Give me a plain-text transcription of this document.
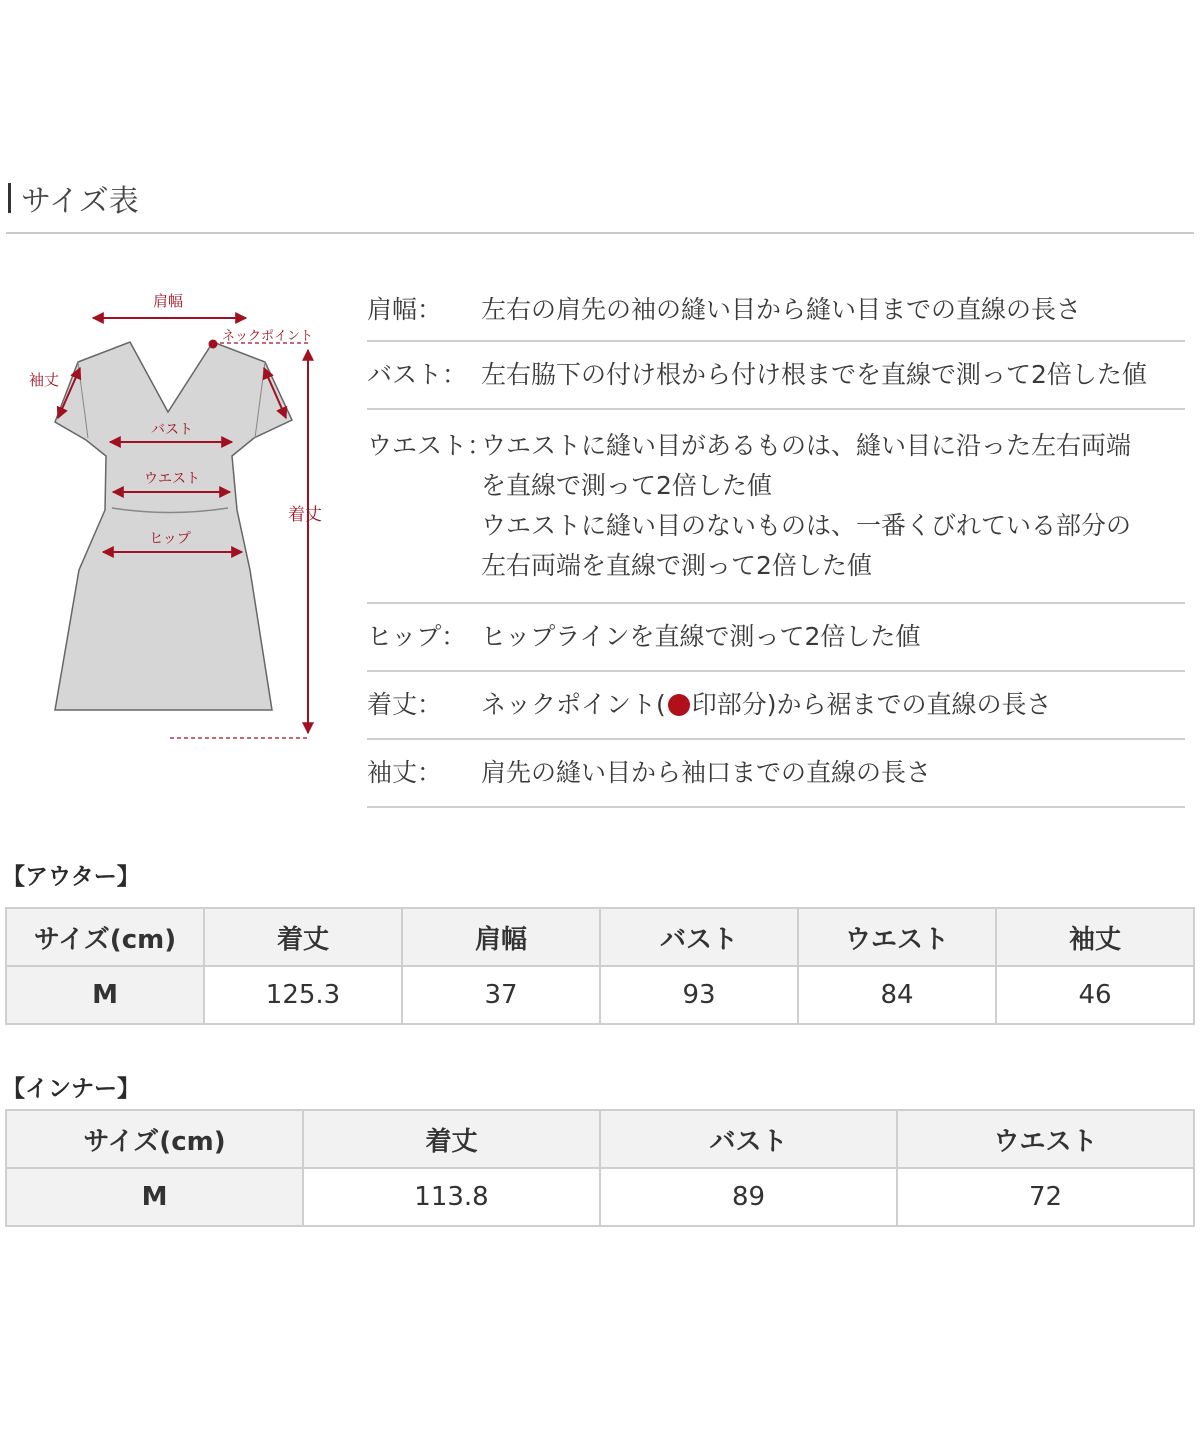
サイズ表
肩幅
ネックポイント
袖丈
バスト
ウエスト
ヒップ
着丈
肩幅：	左右の肩先の袖の縫い目から縫い目までの直線の長さ
バスト： 左右脇下の付け根から付け根までを直線で測って2倍した値
ウエスト：
ウエストに縫い目があるものは、縫い目に沿った左右両端
を直線で測って2倍した値
ウエストに縫い目のないものは、一番くびれている部分の
左右両端を直線で測って2倍した値
ヒップ： ヒップラインを直線で測って2倍した値
着丈：	ネックポイント( 印部分)から裾までの直線の長さ
袖丈：	肩先の縫い目から袖口までの直線の長さ
【アウター】
サイズ(cm)	着丈	肩幅	バスト	ウエスト	袖丈
M	125.3	37	93	84	46
【インナー】
サイズ(cm)	着丈	バスト	ウエスト
M	113.8	89	72
